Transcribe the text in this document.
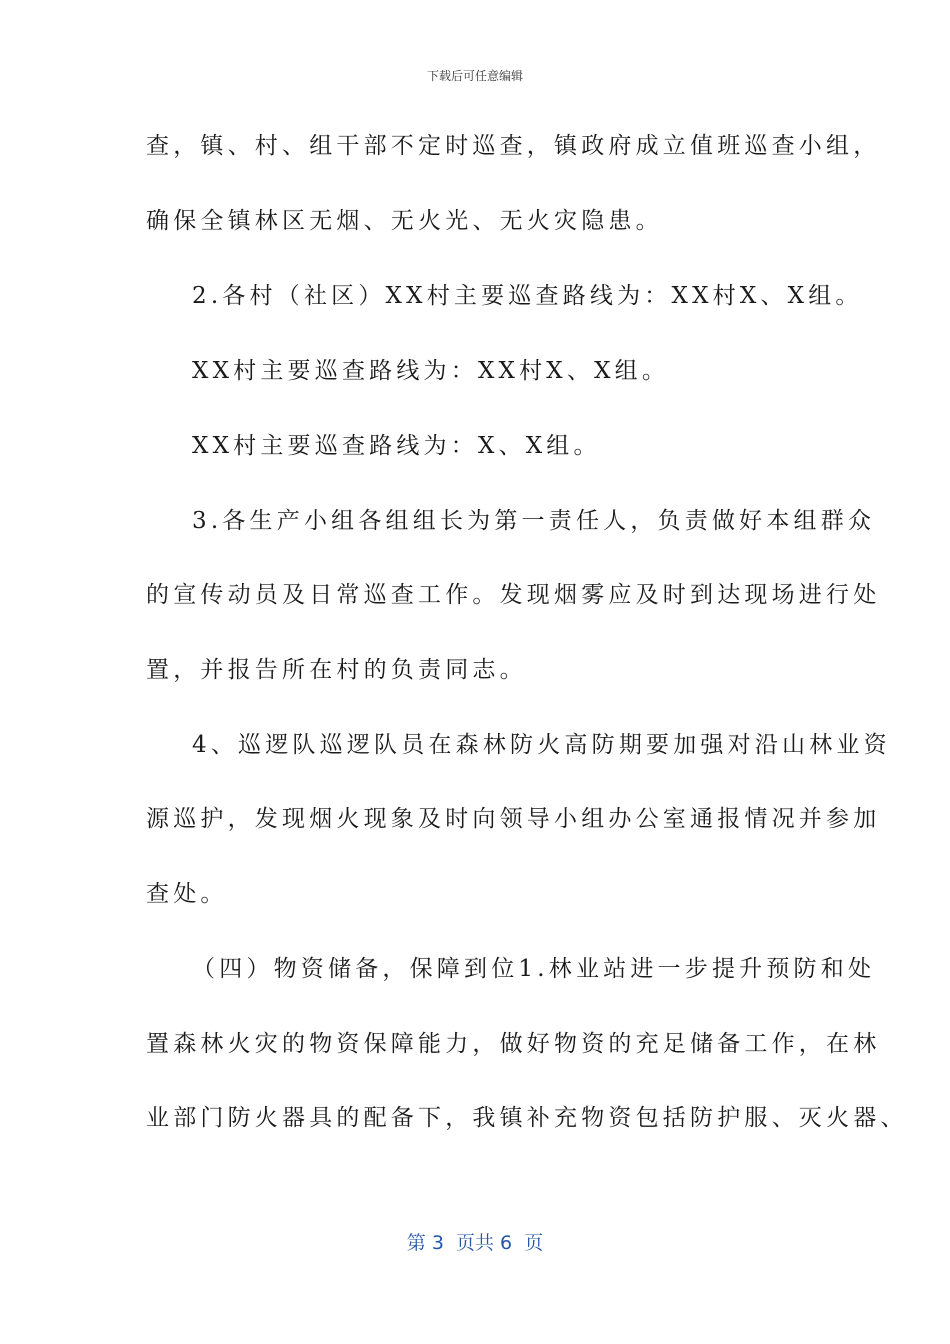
下载后可任意编辑
查，镇、村、组干部不定时巡查，镇政府成立值班巡查小组，
确保全镇林区无烟、无火光、无火灾隐患。
2.各村（社区）XX村主要巡查路线为：XX村X、X组。
XX村主要巡查路线为：XX村X、X组。
XX村主要巡查路线为：X、X组。
3.各生产小组各组组长为第一责任人，负责做好本组群众
的宣传动员及日常巡查工作。发现烟雾应及时到达现场进行处
置，并报告所在村的负责同志。
4、巡逻队巡逻队员在森林防火高防期要加强对沿山林业资
源巡护，发现烟火现象及时向领导小组办公室通报情况并参加
查处。
（四）物资储备，保障到位1.林业站进一步提升预防和处
置森林火灾的物资保障能力，做好物资的充足储备工作，在林
业部门防火器具的配备下，我镇补充物资包括防护服、灭火器、
第 3  页共 6  页
